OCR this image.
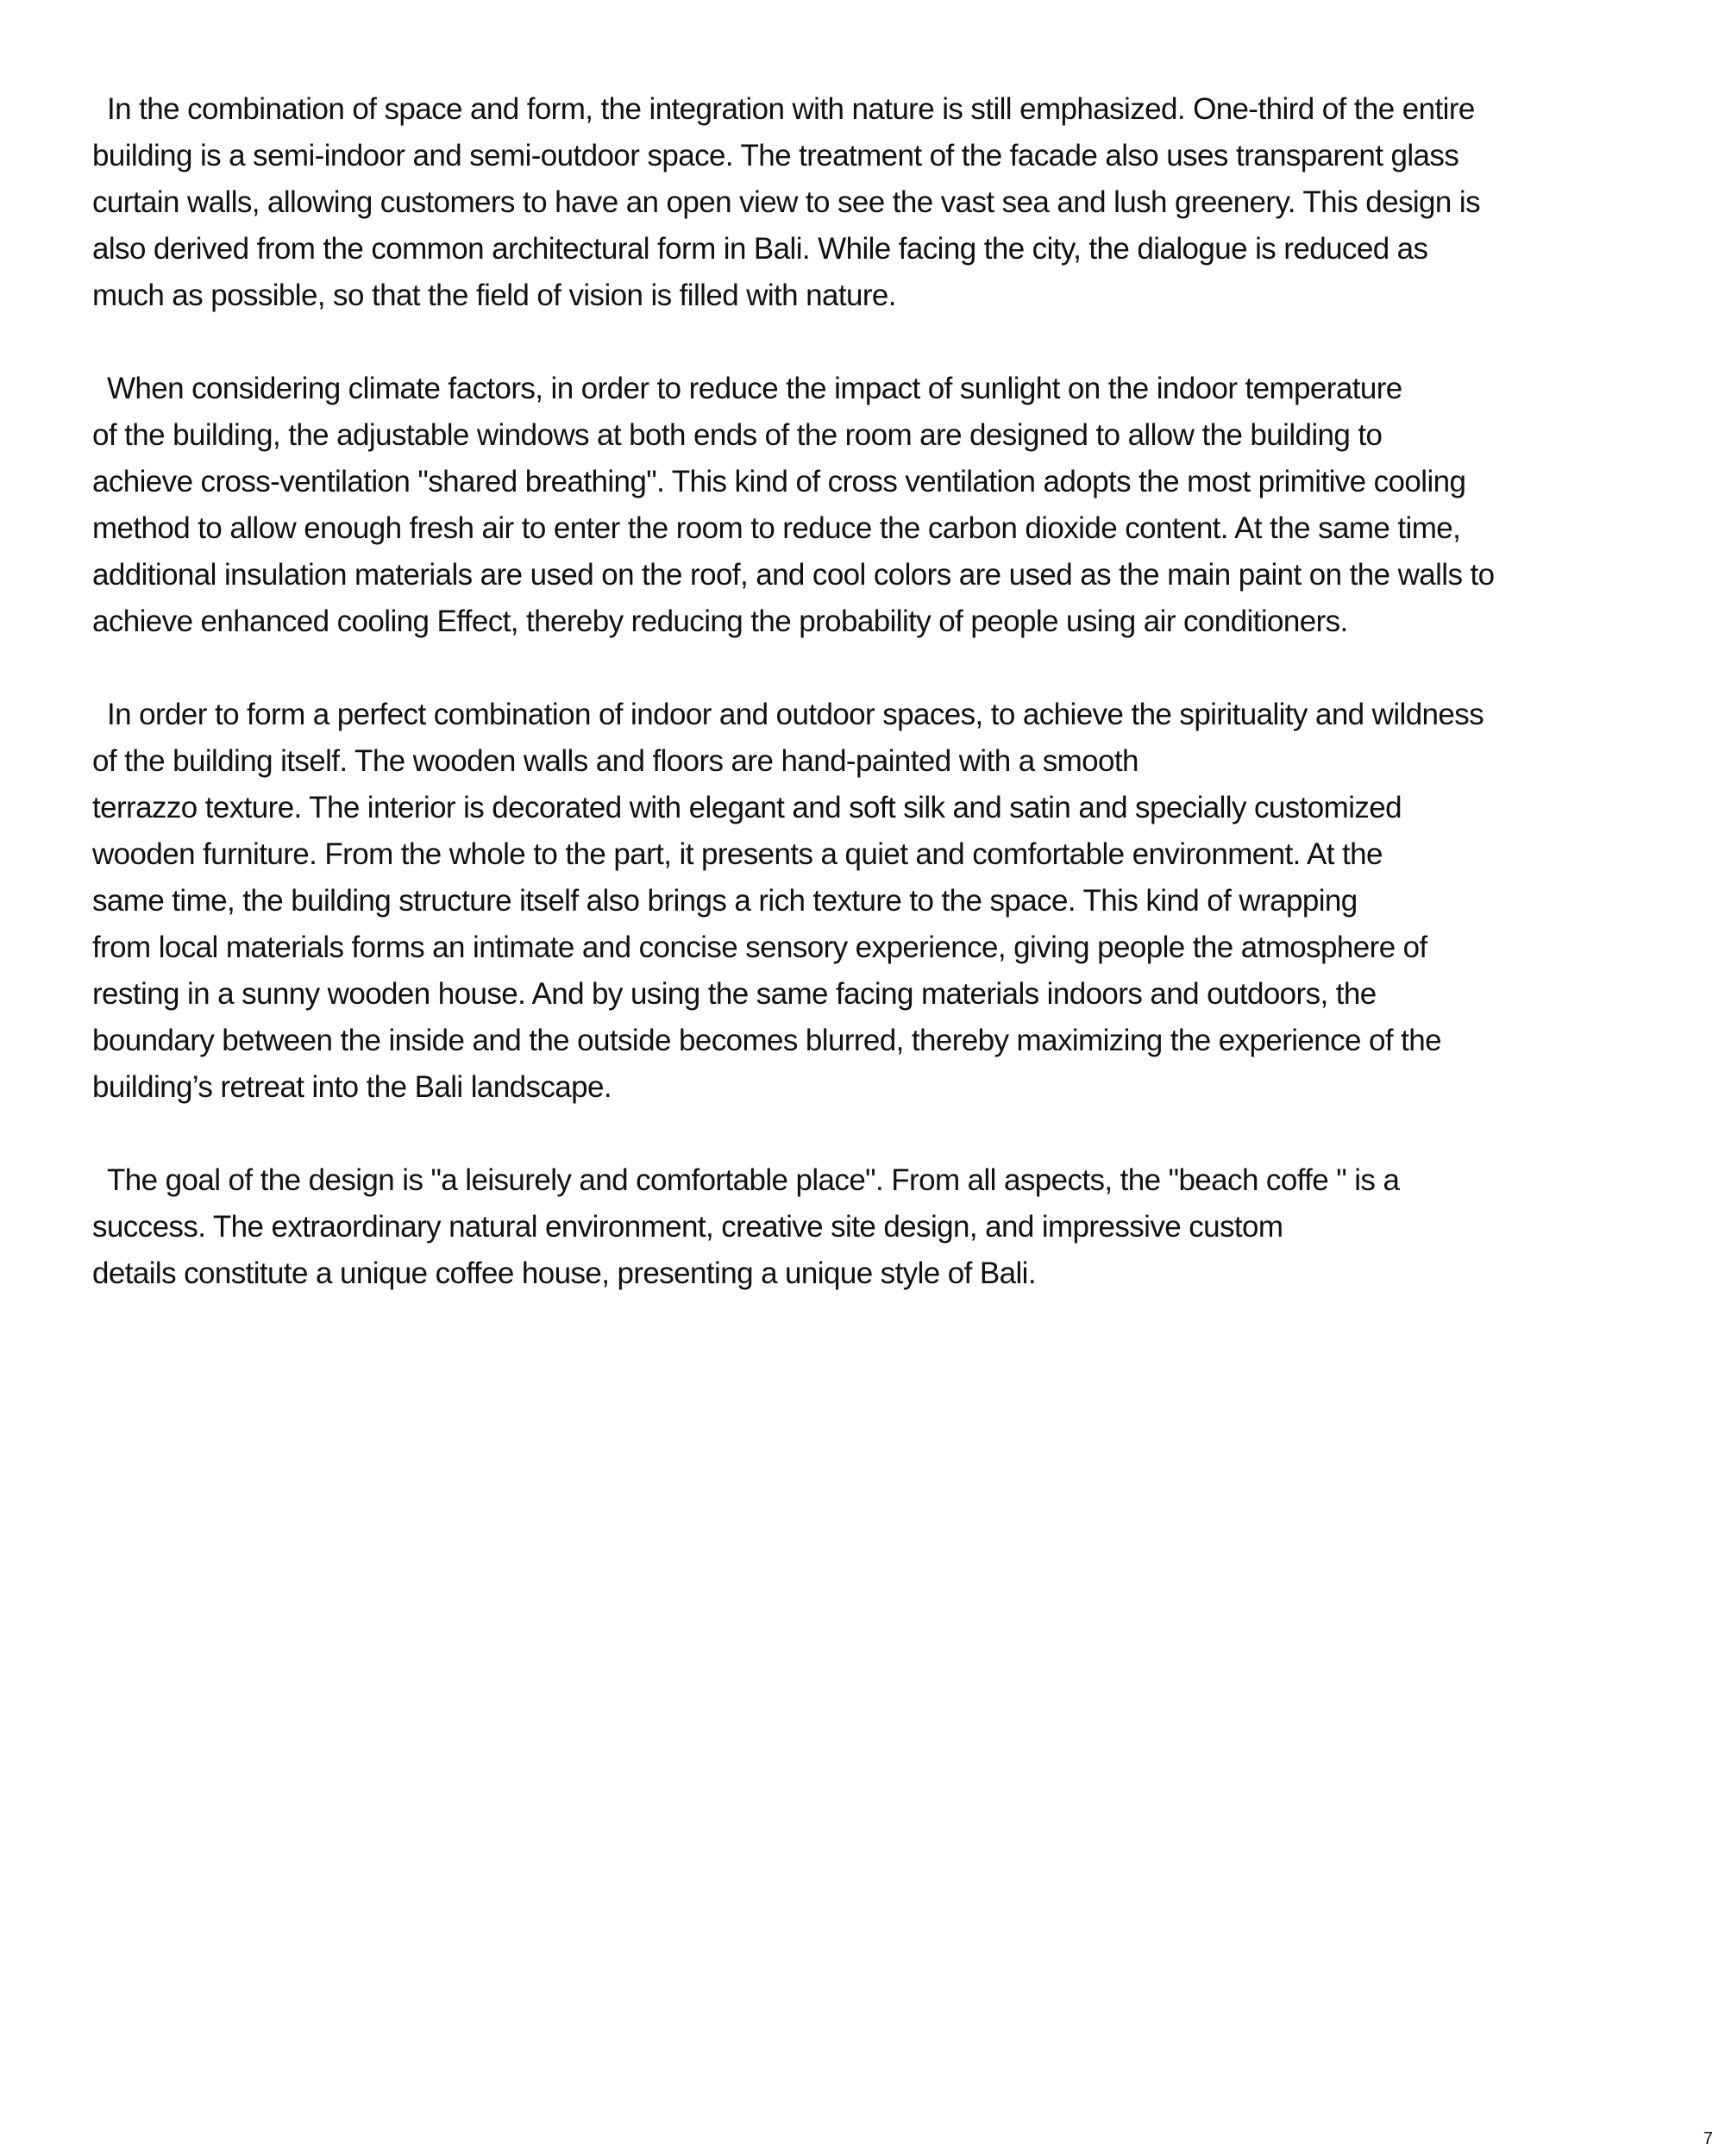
In the combination of space and form, the integration with nature is still emphasized. One-third of the entire
building is a semi-indoor and semi-outdoor space. The treatment of the facade also uses transparent glass
curtain walls, allowing customers to have an open view to see the vast sea and lush greenery. This design is
also derived from the common architectural form in Bali. While facing the city, the dialogue is reduced as
much as possible, so that the field of vision is filled with nature.

When considering climate factors, in order to reduce the impact of sunlight on the indoor temperature
of the building, the adjustable windows at both ends of the room are designed to allow the building to
achieve cross-ventilation "shared breathing". This kind of cross ventilation adopts the most primitive cooling
method to allow enough fresh air to enter the room to reduce the carbon dioxide content. At the same time,
additional insulation materials are used on the roof, and cool colors are used as the main paint on the walls to
achieve enhanced cooling Effect, thereby reducing the probability of people using air conditioners.

In order to form a perfect combination of indoor and outdoor spaces, to achieve the spirituality and wildness
of the building itself. The wooden walls and floors are hand-painted with a smooth
terrazzo texture. The interior is decorated with elegant and soft silk and satin and specially customized
wooden furniture. From the whole to the part, it presents a quiet and comfortable environment. At the
same time, the building structure itself also brings a rich texture to the space. This kind of wrapping
from local materials forms an intimate and concise sensory experience, giving people the atmosphere of
resting in a sunny wooden house. And by using the same facing materials indoors and outdoors, the
boundary between the inside and the outside becomes blurred, thereby maximizing the experience of the
building’s retreat into the Bali landscape.

The goal of the design is "a leisurely and comfortable place". From all aspects, the "beach coffe " is a
success. The extraordinary natural environment, creative site design, and impressive custom
details constitute a unique coffee house, presenting a unique style of Bali.

7
